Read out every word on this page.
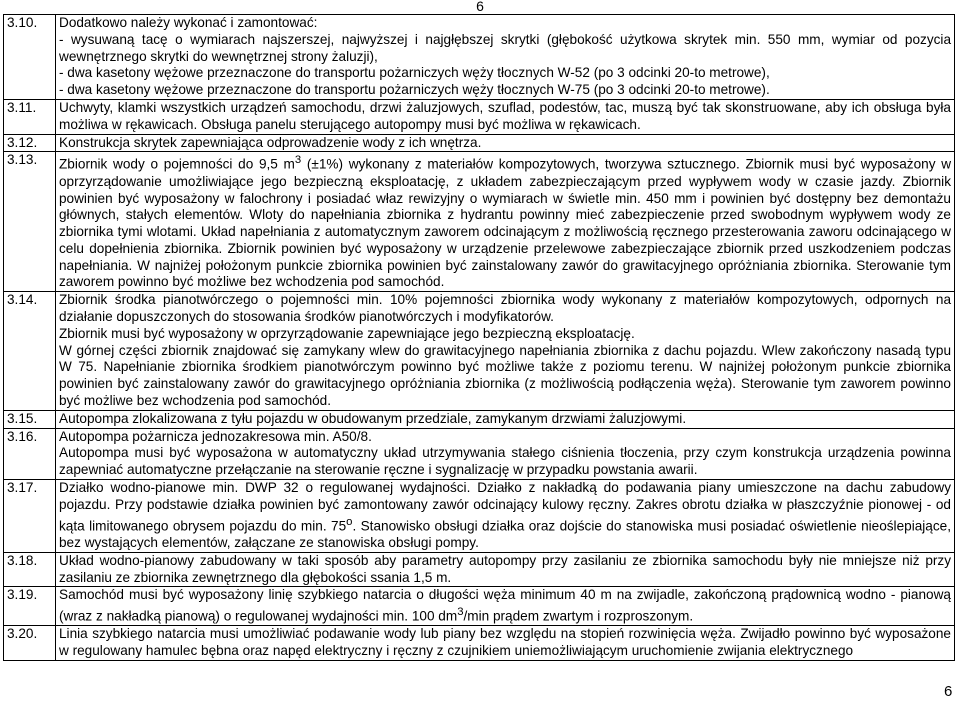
6
3.10.	Dodatkowo należy wykonać i zamontować:
- wysuwaną tacę o wymiarach najszerszej, najwyższej i najgłębszej skrytki (głębokość użytkowa skrytek min. 550 mm, wymiar od pozycia wewnętrznego skrytki do wewnętrznej strony żaluzji),
- dwa kasetony wężowe przeznaczone do transportu pożarniczych węży tłocznych W-52 (po 3 odcinki 20-to metrowe),
- dwa kasetony wężowe przeznaczone do transportu pożarniczych węży tłocznych W-75 (po 3 odcinki 20-to metrowe).

3.11.	Uchwyty, klamki wszystkich urządzeń samochodu, drzwi żaluzjowych, szuflad, podestów, tac, muszą być tak skonstruowane, aby ich obsługa była możliwa w rękawicach. Obsługa panelu sterującego autopompy musi być możliwa w rękawicach.

3.12.	Konstrukcja skrytek zapewniająca odprowadzenie wody z ich wnętrza.

3.13.	Zbiornik wody o pojemności do 9,5 $m^3$ (±1%) wykonany z materiałów kompozytowych, tworzywa sztucznego. Zbiornik musi być wyposażony w oprzyrządowanie umożliwiające jego bezpieczną eksploatację, z układem zabezpieczającym przed wypływem wody w czasie jazdy. Zbiornik powinien być wyposażony w falochrony i posiadać właz rewizyjny o wymiarach w świetle min. 450 mm i powinien być dostępny bez demontażu głównych, stałych elementów. Wloty do napełniania zbiornika z hydrantu powinny mieć zabezpieczenie przed swobodnym wypływem wody ze zbiornika tymi wlotami. Układ napełniania z automatycznym zaworem odcinającym z możliwością ręcznego przesterowania zaworu odcinającego w celu dopełnienia zbiornika. Zbiornik powinien być wyposażony w urządzenie przelewowe zabezpieczające zbiornik przed uszkodzeniem podczas napełniania. W najniżej położonym punkcie zbiornika powinien być zainstalowany zawór do grawitacyjnego opróżniania zbiornika. Sterowanie tym zaworem powinno być możliwe bez wchodzenia pod samochód.
3.14.	Zbiornik środka pianotwórczego o pojemności min. 10% pojemności zbiornika wody wykonany z materiałów kompozytowych, odpornych na działanie dopuszczonych do stosowania środków pianotwórczych i modyfikatorów.
Zbiornik musi być wyposażony w oprzyrządowanie zapewniające jego bezpieczną eksploatację.
W górnej części zbiornik znajdować się zamykany wlew do grawitacyjnego napełniania zbiornika z dachu pojazdu. Wlew zakończony nasadą typu W 75. Napełnianie zbiornika środkiem pianotwórczym powinno być możliwe także z poziomu terenu. W najniżej położonym punkcie zbiornika powinien być zainstalowany zawór do grawitacyjnego opróżniania zbiornika (z możliwością podłączenia węża). Sterowanie tym zaworem powinno być możliwe bez wchodzenia pod samochód.

3.15.	Autopompa zlokalizowana z tyłu pojazdu w obudowanym przedziale, zamykanym drzwiami żaluzjowymi.

3.16.	Autopompa pożarnicza jednozakresowa min. A50/8.
Autopompa musi być wyposażona w automatyczny układ utrzymywania stałego ciśnienia tłoczenia, przy czym konstrukcja urządzenia powinna zapewniać automatyczne przełączanie na sterowanie ręczne i sygnalizację w przypadku powstania awarii.

3.17.	Działko wodno-pianowe min. DWP 32 o regulowanej wydajności. Działko z nakładką do podawania piany umieszczone na dachu zabudowy pojazdu. Przy podstawie działka powinien być zamontowany zawór odcinający kulowy ręczny. Zakres obrotu działka w płaszczyźnie pionowej - od kąta limitowanego obrysem pojazdu do min. 75$^o$. Stanowisko obsługi działka oraz dojście do stanowiska musi posiadać oświetlenie nieoślepiające, bez wystających elementów, załączane ze stanowiska obsługi pompy.
3.18.	Układ wodno-pianowy zabudowany w taki sposób aby parametry autopompy przy zasilaniu ze zbiornika samochodu były nie mniejsze niż przy zasilaniu ze zbiornika zewnętrznego dla głębokości ssania 1,5 m.

3.19.	Samochód musi być wyposażony linię szybkiego natarcia o długości węża minimum 40 m na zwijadle, zakończoną prądownicą wodno - pianową (wraz z nakładką pianową) o regulowanej wydajności min. 100 $dm^3/\min$ prądem zwartym i rozproszonym.
3.20.	Linia szybkiego natarcia musi umożliwiać podawanie wody lub piany bez względu na stopień rozwinięcia węża. Zwijadło powinno być wyposażone w regulowany hamulec bębna oraz napęd elektryczny i ręczny z czujnikiem uniemożliwiającym uruchomienie zwijania elektrycznego
6
